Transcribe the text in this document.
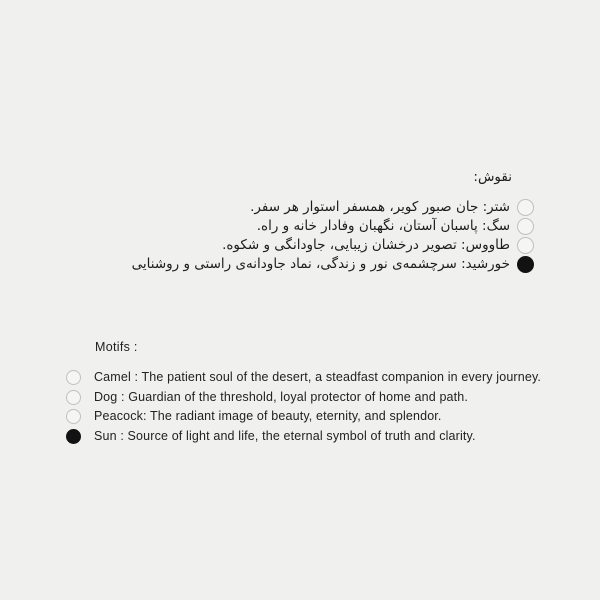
نقوش:
شتر: جان صبور کویر، همسفر استوار هر سفر.
سگ: پاسبان آستان، نگهبان وفادار خانه و راه.
طاووس: تصویر درخشان زیبایی، جاودانگی و شکوه.
خورشید: سرچشمه‌ی نور و زندگی، نماد جاودانه‌ی راستی و روشنایی
Motifs :
Camel : The patient soul of the desert, a steadfast companion in every journey.
Dog : Guardian of the threshold, loyal protector of home and path.
Peacock: The radiant image of beauty, eternity, and splendor.
Sun : Source of light and life, the eternal symbol of truth and clarity.
